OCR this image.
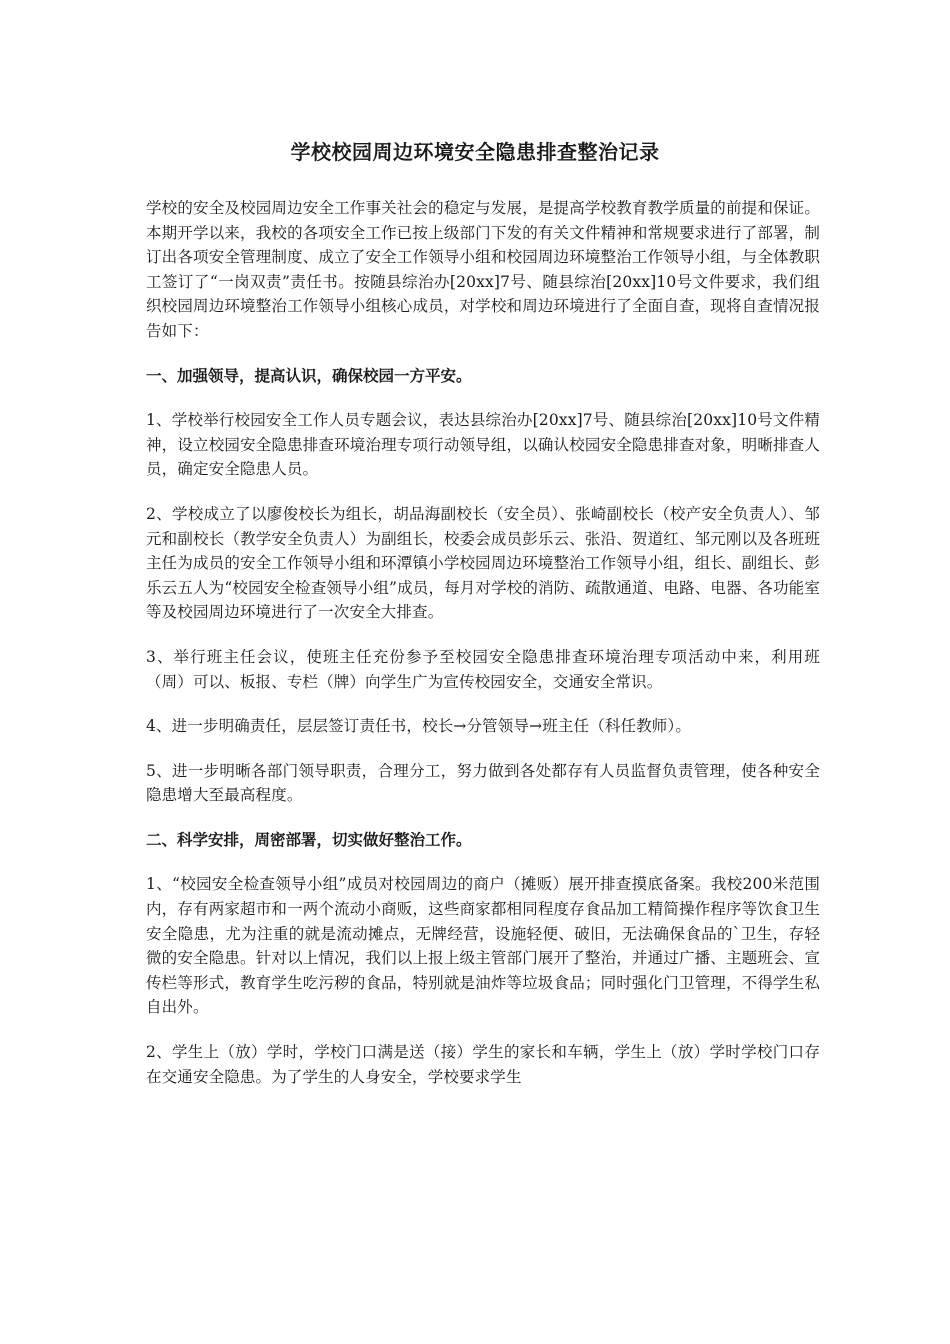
学校校园周边环境安全隐患排查整治记录

学校的安全及校园周边安全工作事关社会的稳定与发展，是提高学校教育教学质量的前提和保证。本期开学以来，我校的各项安全工作已按上级部门下发的有关文件精神和常规要求进行了部署，制订出各项安全管理制度、成立了安全工作领导小组和校园周边环境整治工作领导小组，与全体教职工签订了“一岗双责”责任书。按随县综治办[20xx]7号、随县综治[20xx]10号文件要求，我们组织校园周边环境整治工作领导小组核心成员，对学校和周边环境进行了全面自查，现将自查情况报告如下：

一、加强领导，提高认识，确保校园一方平安。

1、学校举行校园安全工作人员专题会议，表达县综治办[20xx]7号、随县综治[20xx]10号文件精神，设立校园安全隐患排查环境治理专项行动领导组，以确认校园安全隐患排查对象，明晰排查人员，确定安全隐患人员。

2、学校成立了以廖俊校长为组长，胡品海副校长（安全员）、张崎副校长（校产安全负责人）、邹元和副校长（教学安全负责人）为副组长，校委会成员彭乐云、张沿、贺道红、邹元刚以及各班班主任为成员的安全工作领导小组和环潭镇小学校园周边环境整治工作领导小组，组长、副组长、彭乐云五人为“校园安全检查领导小组”成员，每月对学校的消防、疏散通道、电路、电器、各功能室等及校园周边环境进行了一次安全大排查。

3、举行班主任会议，使班主任充份参予至校园安全隐患排查环境治理专项活动中来，利用班（周）可以、板报、专栏（牌）向学生广为宣传校园安全，交通安全常识。

4、进一步明确责任，层层签订责任书，校长→分管领导→班主任（科任教师）。

5、进一步明晰各部门领导职责，合理分工，努力做到各处都存有人员监督负责管理，使各种安全隐患增大至最高程度。

二、科学安排，周密部署，切实做好整治工作。

1、“校园安全检查领导小组”成员对校园周边的商户（摊贩）展开排查摸底备案。我校200米范围内，存有两家超市和一两个流动小商贩，这些商家都相同程度存食品加工精简操作程序等饮食卫生安全隐患，尤为注重的就是流动摊点，无牌经营，设施轻便、破旧，无法确保食品的`卫生，存轻微的安全隐患。针对以上情况，我们以上报上级主管部门展开了整治，并通过广播、主题班会、宣传栏等形式，教育学生吃污秽的食品，特别就是油炸等垃圾食品；同时强化门卫管理，不得学生私自出外。

2、学生上（放）学时，学校门口满是送（接）学生的家长和车辆，学生上（放）学时学校门口存在交通安全隐患。为了学生的人身安全，学校要求学生
